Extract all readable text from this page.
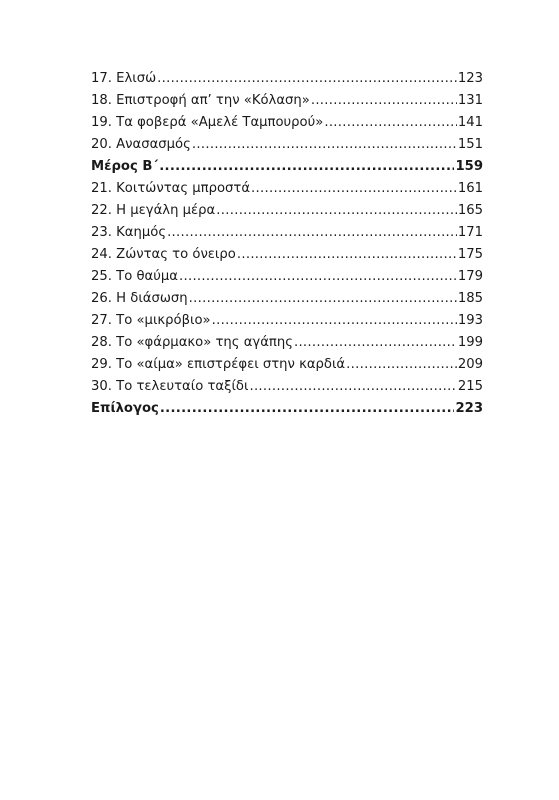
17. Ελισώ .....	123
18. Επιστροφή απ’ την «Κόλαση» .....	131
19. Τα φοβερά «Αμελέ Ταμπουρού» .....	141
20. Ανασασμός .....	151
Μέρος Β΄ .....	159
21. Κοιτώντας μπροστά .....	161
22. Η μεγάλη μέρα .....	165
23. Καημός .....	171
24. Ζώντας το όνειρο .....	175
25. Το θαύμα .....	179
26. Η διάσωση .....	185
27. Το «μικρόβιο» .....	193
28. Το «φάρμακο» της αγάπης .....	199
29. Το «αίμα» επιστρέφει στην καρδιά .....	209
30. Το τελευταίο ταξίδι .....	215
Επίλογος .....	223
